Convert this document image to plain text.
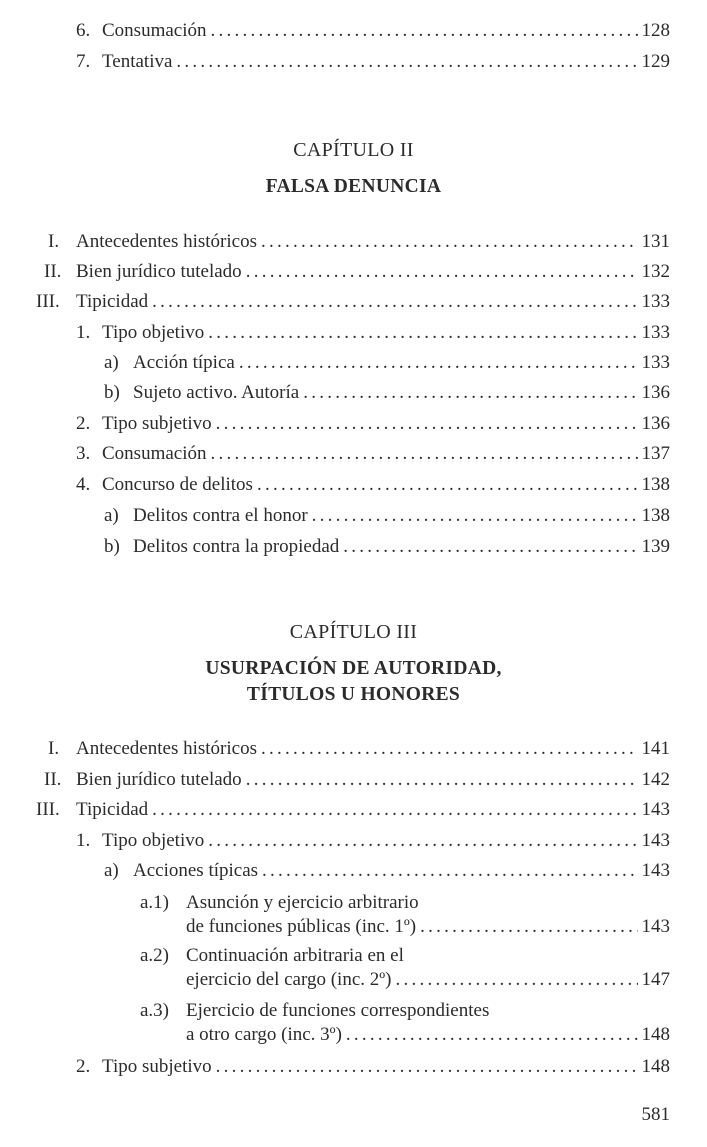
6. Consumación . . .	128
7. Tentativa . . .	129
CAPÍTULO II
FALSA DENUNCIA
I. Antecedentes históricos . . .	131
II. Bien jurídico tutelado . . .	132
III. Tipicidad . . .	133
1. Tipo objetivo . . .	133
a) Acción típica . . .	133
b) Sujeto activo. Autoría . . .	136
2. Tipo subjetivo . . .	136
3. Consumación . . .	137
4. Concurso de delitos . . .	138
a) Delitos contra el honor . . .	138
b) Delitos contra la propiedad . . .	139
CAPÍTULO III
USURPACIÓN DE AUTORIDAD,
TÍTULOS U HONORES
I. Antecedentes históricos . . .	141
II. Bien jurídico tutelado . . .	142
III. Tipicidad . . .	143
1. Tipo objetivo . . .	143
a) Acciones típicas . . .	143
a.1) Asunción y ejercicio arbitrario
de funciones públicas (inc. 1º) . . .	143
a.2) Continuación arbitraria en el
ejercicio del cargo (inc. 2º) . . .	147
a.3) Ejercicio de funciones correspondientes
a otro cargo (inc. 3º) . . .	148
2. Tipo subjetivo . . .	148
581
